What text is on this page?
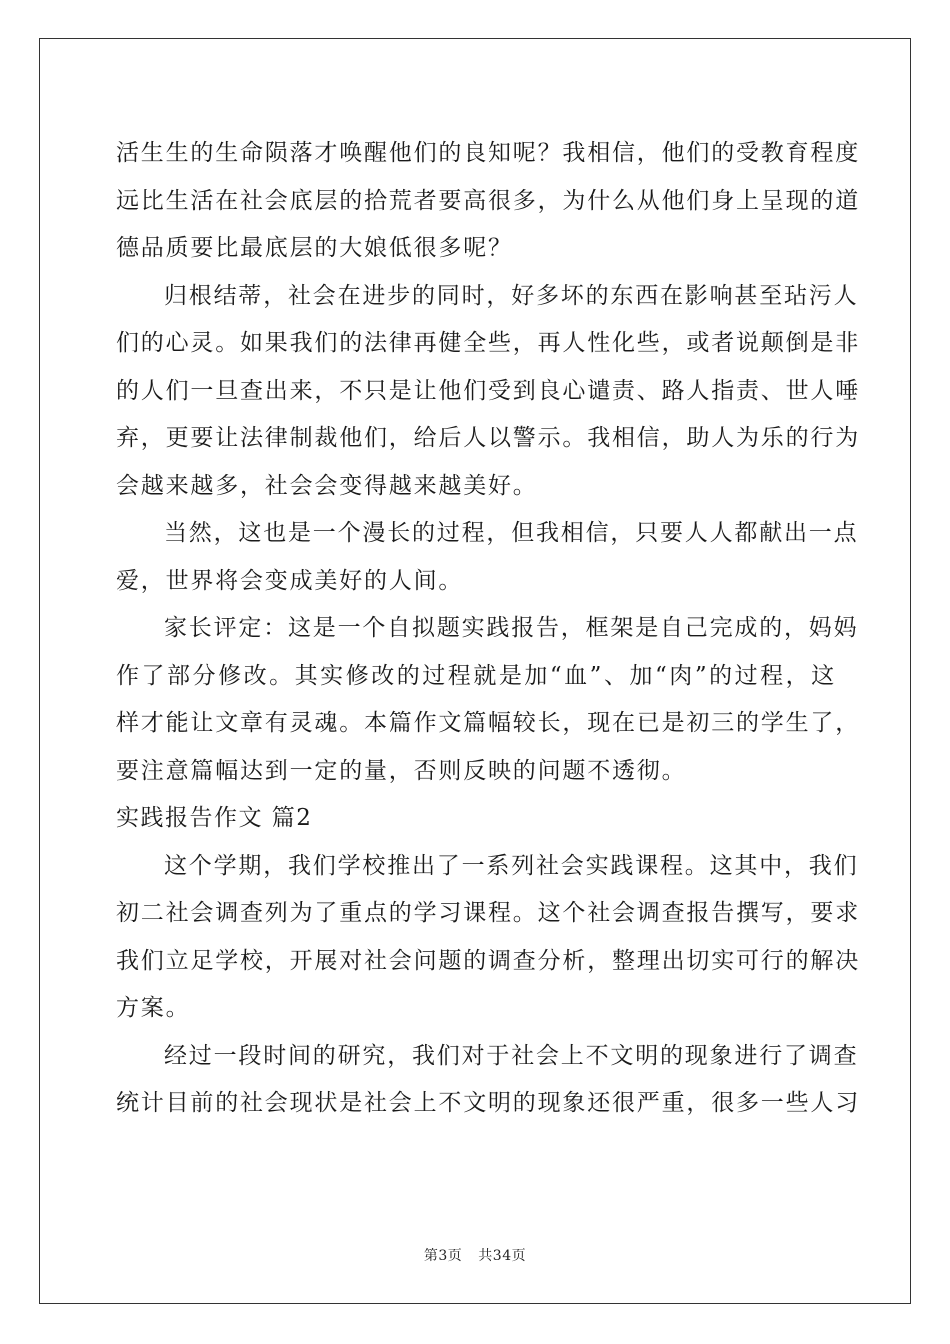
活生生的生命陨落才唤醒他们的良知呢？我相信，他们的受教育程度
远比生活在社会底层的拾荒者要高很多，为什么从他们身上呈现的道
德品质要比最底层的大娘低很多呢？
归根结蒂，社会在进步的同时，好多坏的东西在影响甚至玷污人
们的心灵。如果我们的法律再健全些，再人性化些，或者说颠倒是非
的人们一旦查出来，不只是让他们受到良心谴责、路人指责、世人唾
弃，更要让法律制裁他们，给后人以警示。我相信，助人为乐的行为
会越来越多，社会会变得越来越美好。
当然，这也是一个漫长的过程，但我相信，只要人人都献出一点
爱，世界将会变成美好的人间。
家长评定：这是一个自拟题实践报告，框架是自己完成的，妈妈
作了部分修改。其实修改的过程就是加“血”、加“肉”的过程，这
样才能让文章有灵魂。本篇作文篇幅较长，现在已是初三的学生了，
要注意篇幅达到一定的量，否则反映的问题不透彻。
实践报告作文 篇2
这个学期，我们学校推出了一系列社会实践课程。这其中，我们
初二社会调查列为了重点的学习课程。这个社会调查报告撰写，要求
我们立足学校，开展对社会问题的调查分析，整理出切实可行的解决
方案。
经过一段时间的研究，我们对于社会上不文明的现象进行了调查
统计目前的社会现状是社会上不文明的现象还很严重，很多一些人习
第3页 共34页
